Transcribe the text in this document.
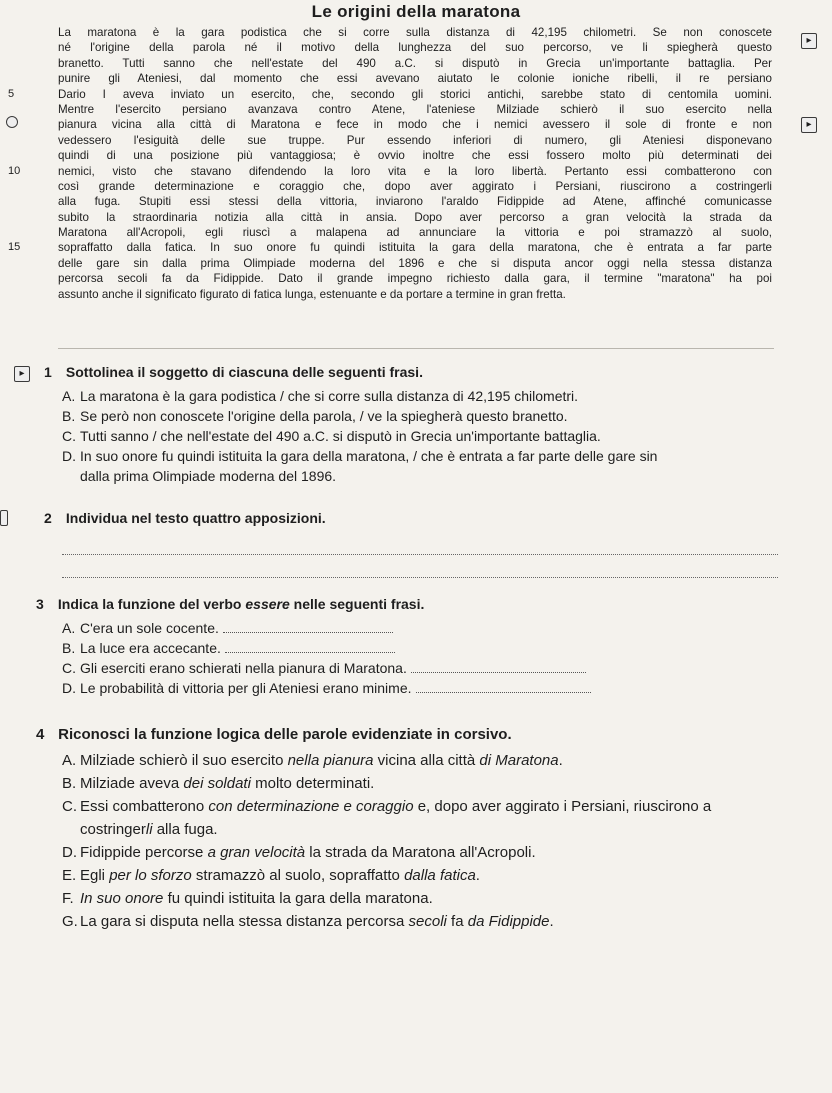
Le origini della maratona
La maratona è la gara podistica che si corre sulla distanza di 42,195 chilometri. Se non conoscete
né l'origine della parola né il motivo della lunghezza del suo percorso, ve li spiegherà questo
branetto. Tutti sanno che nell'estate del 490 a.C. si disputò in Grecia un'importante battaglia. Per
punire gli Ateniesi, dal momento che essi avevano aiutato le colonie ioniche ribelli, il re persiano
5	Dario I aveva inviato un esercito, che, secondo gli storici antichi, sarebbe stato di centomila uomini.
Mentre l'esercito persiano avanzava contro Atene, l'ateniese Milziade schierò il suo esercito nella
pianura vicina alla città di Maratona e fece in modo che i nemici avessero il sole di fronte e non
vedessero l'esiguità delle sue truppe. Pur essendo inferiori di numero, gli Ateniesi disponevano
quindi di una posizione più vantaggiosa; è ovvio inoltre che essi fossero molto più determinati dei
10	nemici, visto che stavano difendendo la loro vita e la loro libertà. Pertanto essi combatterono con
così grande determinazione e coraggio che, dopo aver aggirato i Persiani, riuscirono a costringerli
alla fuga. Stupiti essi stessi della vittoria, inviarono l'araldo Fidippide ad Atene, affinché comunicasse
subito la straordinaria notizia alla città in ansia. Dopo aver percorso a gran velocità la strada da
Maratona all'Acropoli, egli riuscì a malapena ad annunciare la vittoria e poi stramazzò al suolo,
15	sopraffatto dalla fatica. In suo onore fu quindi istituita la gara della maratona, che è entrata a far parte
delle gare sin dalla prima Olimpiade moderna del 1896 e che si disputa ancor oggi nella stessa distanza
percorsa secoli fa da Fidippide. Dato il grande impegno richiesto dalla gara, il termine "maratona" ha poi
assunto anche il significato figurato di fatica lunga, estenuante e da portare a termine in gran fretta.
▸
▸
▸	1 Sottolinea il soggetto di ciascuna delle seguenti frasi.
A. La maratona è la gara podistica / che si corre sulla distanza di 42,195 chilometri.
B. Se però non conoscete l'origine della parola, / ve la spiegherà questo branetto.
C. Tutti sanno / che nell'estate del 490 a.C. si disputò in Grecia un'importante battaglia.
D. In suo onore fu quindi istituita la gara della maratona, / che è entrata a far parte delle gare sin
dalla prima Olimpiade moderna del 1896.
2 Individua nel testo quattro apposizioni.
3 Indica la funzione del verbo essere nelle seguenti frasi.
A. C'era un sole cocente.
B. La luce era accecante.
C. Gli eserciti erano schierati nella pianura di Maratona.
D. Le probabilità di vittoria per gli Ateniesi erano minime.
4 Riconosci la funzione logica delle parole evidenziate in corsivo.
A. Milziade schierò il suo esercito nella pianura vicina alla città di Maratona.
B. Milziade aveva dei soldati molto determinati.
C. Essi combatterono con determinazione e coraggio e, dopo aver aggirato i Persiani, riuscirono a
costringerli alla fuga.
D. Fidippide percorse a gran velocità la strada da Maratona all'Acropoli.
E. Egli per lo sforzo stramazzò al suolo, sopraffatto dalla fatica.
F. In suo onore fu quindi istituita la gara della maratona.
G. La gara si disputa nella stessa distanza percorsa secoli fa da Fidippide.
